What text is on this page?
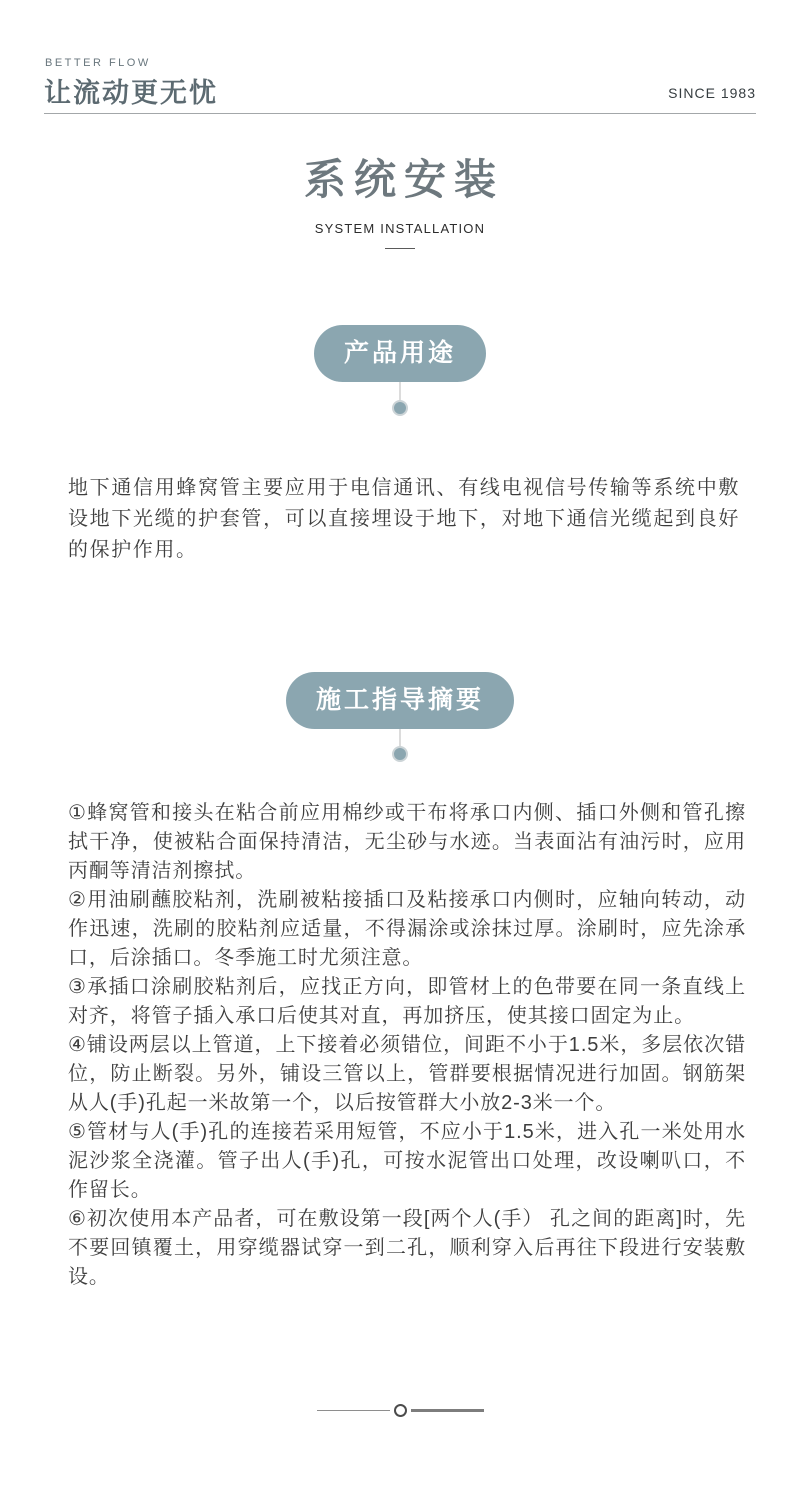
BETTER FLOW
让流动更无忧	SINCE 1983
系统安装
SYSTEM INSTALLATION
产品用途
地下通信用蜂窝管主要应用于电信通讯、有线电视信号传输等系统中敷设地下光缆的护套管，可以直接埋设于地下，对地下通信光缆起到良好的保护作用。
施工指导摘要

①蜂窝管和接头在粘合前应用棉纱或干布将承口内侧、插口外侧和管孔擦拭干净，使被粘合面保持清洁，无尘砂与水迹。当表面沾有油污时，应用丙酮等清洁剂擦拭。

②用油刷蘸胶粘剂，洗刷被粘接插口及粘接承口内侧时，应轴向转动，动作迅速，洗刷的胶粘剂应适量，不得漏涂或涂抹过厚。涂刷时，应先涂承口，后涂插口。冬季施工时尤须注意。

③承插口涂刷胶粘剂后，应找正方向，即管材上的色带要在同一条直线上对齐，将管子插入承口后使其对直，再加挤压，使其接口固定为止。

④铺设两层以上管道，上下接着必须错位，间距不小于1.5米，多层依次错位，防止断裂。另外，铺设三管以上，管群要根据情况进行加固。钢筋架从人(手)孔起一米故第一个，以后按管群大小放2-3米一个。

⑤管材与人(手)孔的连接若采用短管，不应小于1.5米，进入孔一米处用水泥沙浆全浇灌。管子出人(手)孔，可按水泥管出口处理，改设喇叭口，不作留长。

⑥初次使用本产品者，可在敷设第一段[两个人(手） 孔之间的距离]时，先不要回镇覆土，用穿缆器试穿一到二孔，顺利穿入后再往下段进行安装敷设。
